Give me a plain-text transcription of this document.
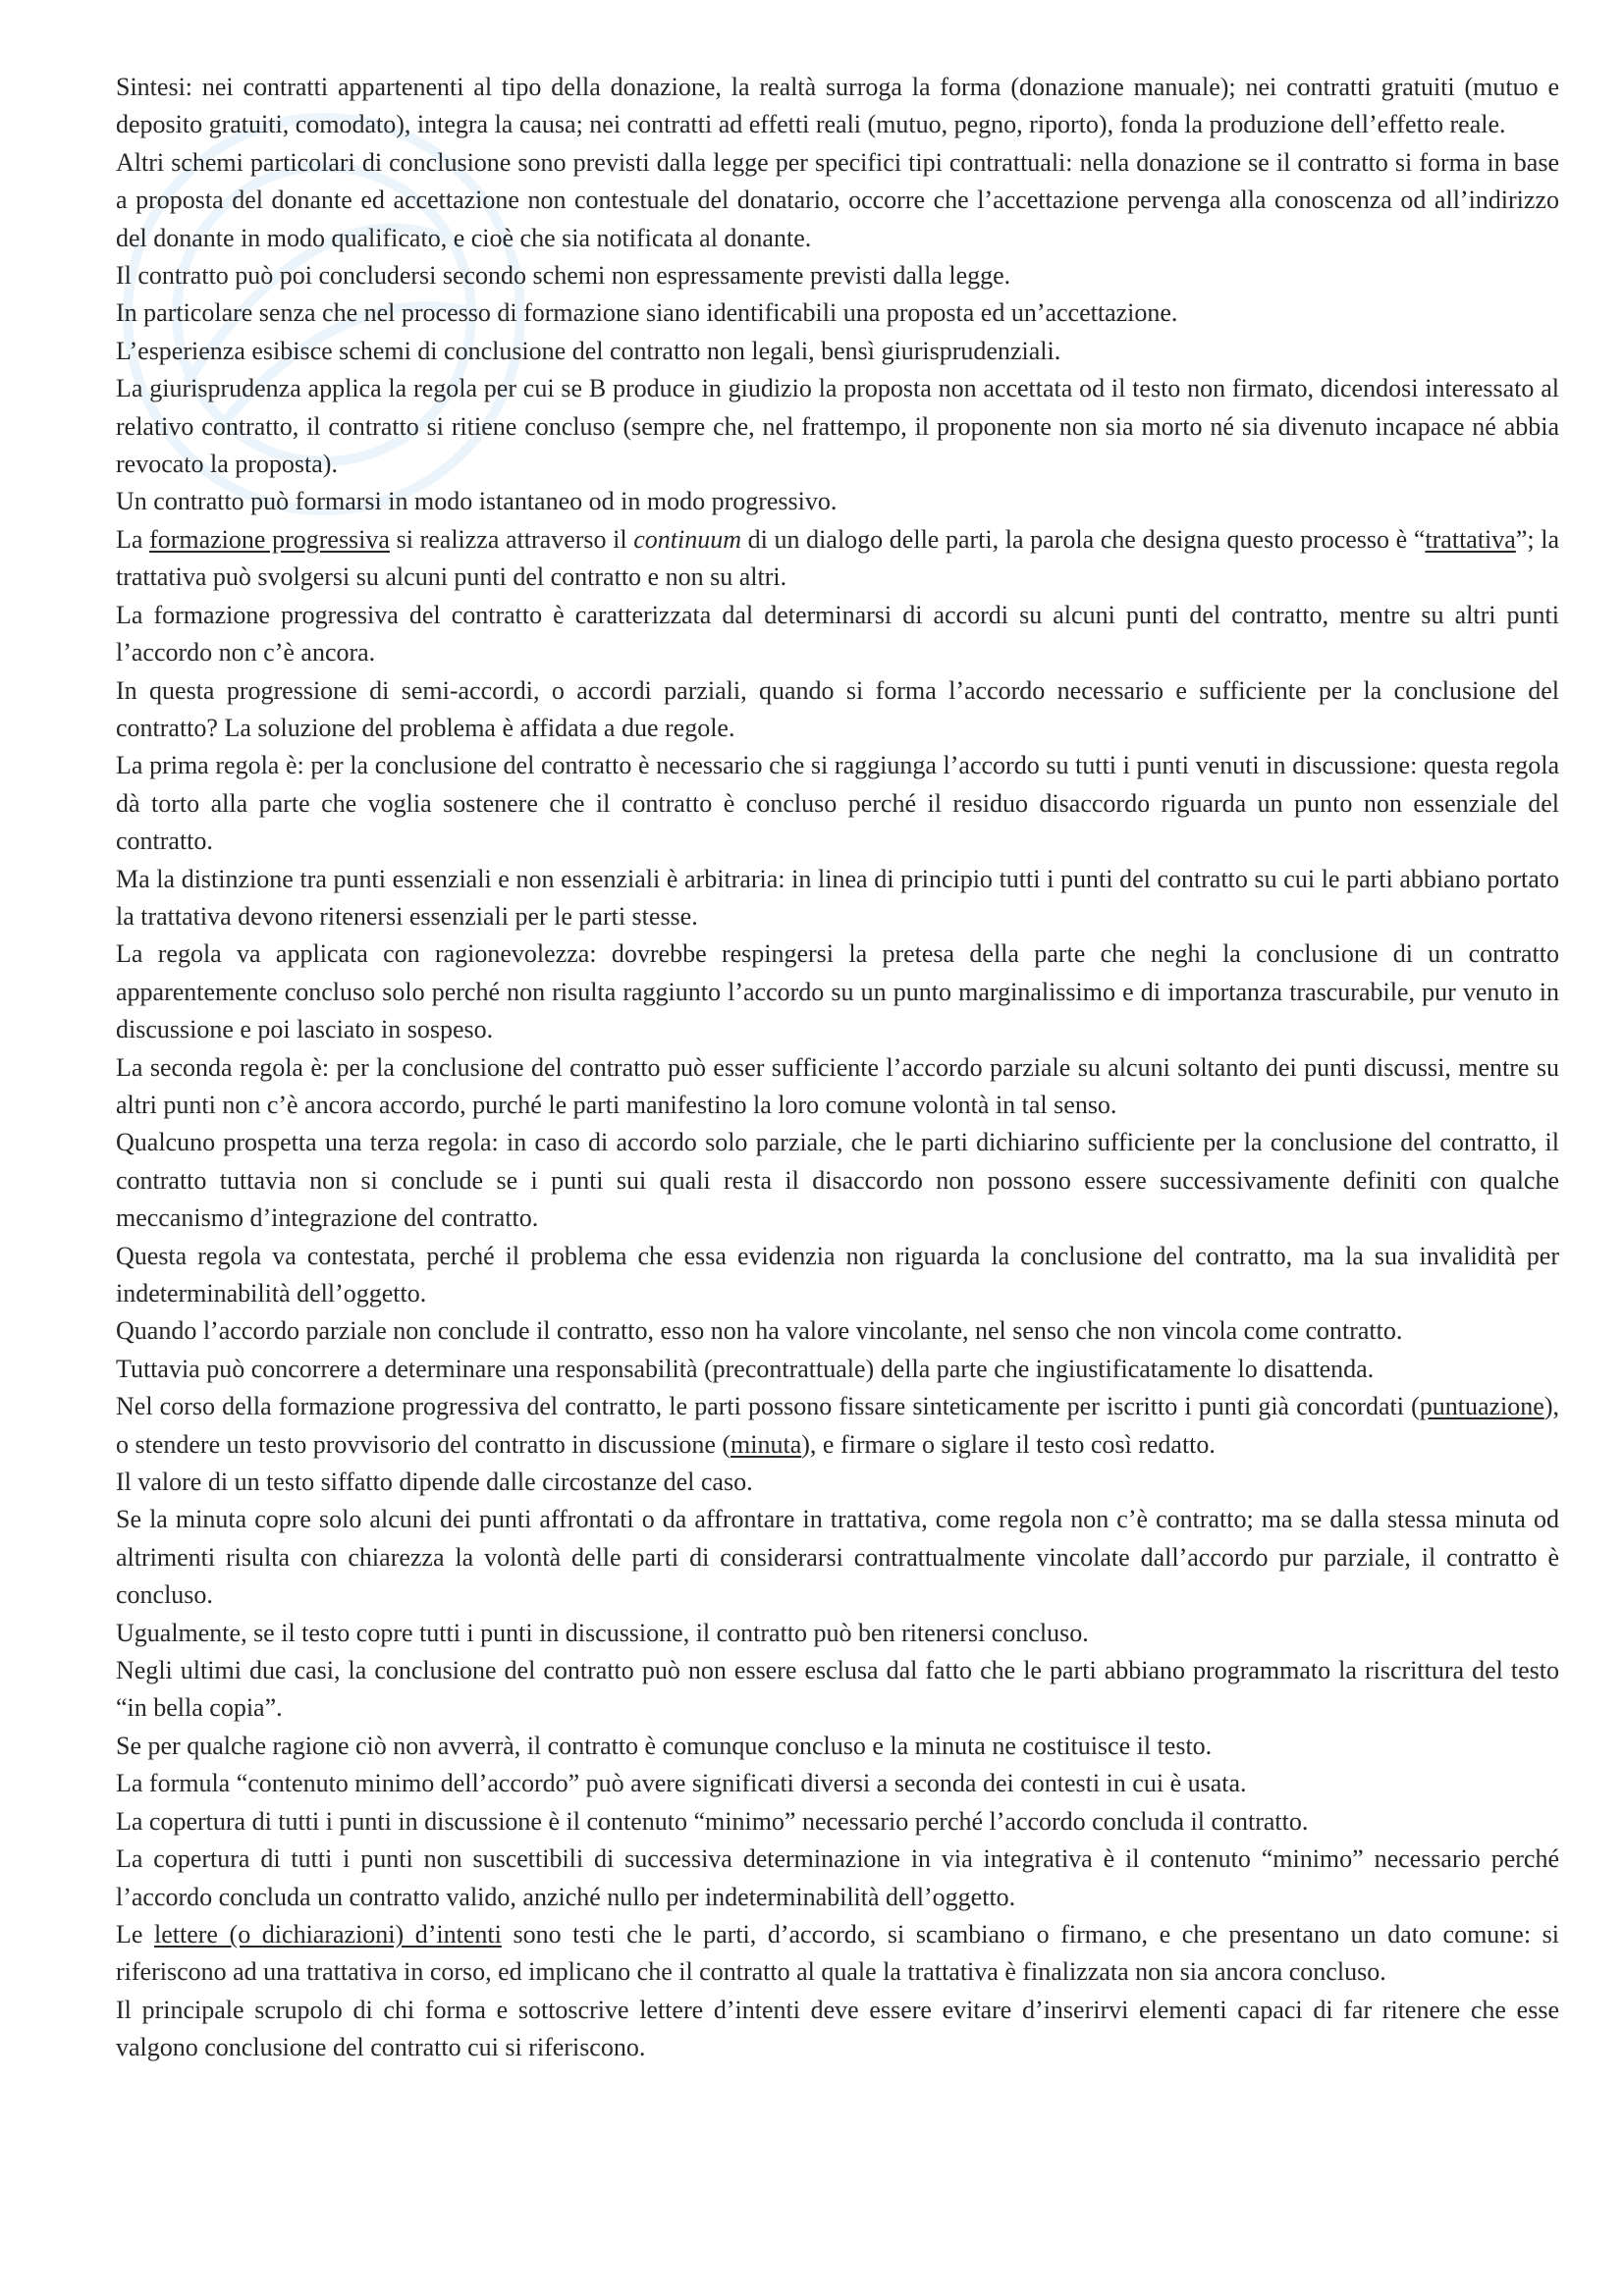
Sintesi: nei contratti appartenenti al tipo della donazione, la realtà surroga la forma (donazione manuale); nei contratti gratuiti (mutuo e deposito gratuiti, comodato), integra la causa; nei contratti ad effetti reali (mutuo, pegno, riporto), fonda la produzione dell’effetto reale.

Altri schemi particolari di conclusione sono previsti dalla legge per specifici tipi contrattuali: nella donazione se il contratto si forma in base a proposta del donante ed accettazione non contestuale del donatario, occorre che l’accettazione pervenga alla conoscenza od all’indirizzo del donante in modo qualificato, e cioè che sia notificata al donante.

Il contratto può poi concludersi secondo schemi non espressamente previsti dalla legge.

In particolare senza che nel processo di formazione siano identificabili una proposta ed un’accettazione.

L’esperienza esibisce schemi di conclusione del contratto non legali, bensì giurisprudenziali.

La giurisprudenza applica la regola per cui se B produce in giudizio la proposta non accettata od il testo non firmato, dicendosi interessato al relativo contratto, il contratto si ritiene concluso (sempre che, nel frattempo, il proponente non sia morto né sia divenuto incapace né abbia revocato la proposta).

Un contratto può formarsi in modo istantaneo od in modo progressivo.

La formazione progressiva si realizza attraverso il continuum di un dialogo delle parti, la parola che designa questo processo è “trattativa”; la trattativa può svolgersi su alcuni punti del contratto e non su altri.

La formazione progressiva del contratto è caratterizzata dal determinarsi di accordi su alcuni punti del contratto, mentre su altri punti l’accordo non c’è ancora.

In questa progressione di semi-accordi, o accordi parziali, quando si forma l’accordo necessario e sufficiente per la conclusione del contratto? La soluzione del problema è affidata a due regole.

La prima regola è: per la conclusione del contratto è necessario che si raggiunga l’accordo su tutti i punti venuti in discussione: questa regola dà torto alla parte che voglia sostenere che il contratto è concluso perché il residuo disaccordo riguarda un punto non essenziale del contratto.

Ma la distinzione tra punti essenziali e non essenziali è arbitraria: in linea di principio tutti i punti del contratto su cui le parti abbiano portato la trattativa devono ritenersi essenziali per le parti stesse.

La regola va applicata con ragionevolezza: dovrebbe respingersi la pretesa della parte che neghi la conclusione di un contratto apparentemente concluso solo perché non risulta raggiunto l’accordo su un punto marginalissimo e di importanza trascurabile, pur venuto in discussione e poi lasciato in sospeso.

La seconda regola è: per la conclusione del contratto può esser sufficiente l’accordo parziale su alcuni soltanto dei punti discussi, mentre su altri punti non c’è ancora accordo, purché le parti manifestino la loro comune volontà in tal senso.

Qualcuno prospetta una terza regola: in caso di accordo solo parziale, che le parti dichiarino sufficiente per la conclusione del contratto, il contratto tuttavia non si conclude se i punti sui quali resta il disaccordo non possono essere successivamente definiti con qualche meccanismo d’integrazione del contratto.

Questa regola va contestata, perché il problema che essa evidenzia non riguarda la conclusione del contratto, ma la sua invalidità per indeterminabilità dell’oggetto.

Quando l’accordo parziale non conclude il contratto, esso non ha valore vincolante, nel senso che non vincola come contratto.

Tuttavia può concorrere a determinare una responsabilità (precontrattuale) della parte che ingiustificatamente lo disattenda.

Nel corso della formazione progressiva del contratto, le parti possono fissare sinteticamente per iscritto i punti già concordati (puntuazione), o stendere un testo provvisorio del contratto in discussione (minuta), e firmare o siglare il testo così redatto.

Il valore di un testo siffatto dipende dalle circostanze del caso.

Se la minuta copre solo alcuni dei punti affrontati o da affrontare in trattativa, come regola non c’è contratto; ma se dalla stessa minuta od altrimenti risulta con chiarezza la volontà delle parti di considerarsi contrattualmente vincolate dall’accordo pur parziale, il contratto è concluso.

Ugualmente, se il testo copre tutti i punti in discussione, il contratto può ben ritenersi concluso.

Negli ultimi due casi, la conclusione del contratto può non essere esclusa dal fatto che le parti abbiano programmato la riscrittura del testo “in bella copia”.

Se per qualche ragione ciò non avverrà, il contratto è comunque concluso e la minuta ne costituisce il testo.

La formula “contenuto minimo dell’accordo” può avere significati diversi a seconda dei contesti in cui è usata.

La copertura di tutti i punti in discussione è il contenuto “minimo” necessario perché l’accordo concluda il contratto.

La copertura di tutti i punti non suscettibili di successiva determinazione in via integrativa è il contenuto “minimo” necessario perché l’accordo concluda un contratto valido, anziché nullo per indeterminabilità dell’oggetto.

Le lettere (o dichiarazioni) d’intenti sono testi che le parti, d’accordo, si scambiano o firmano, e che presentano un dato comune: si riferiscono ad una trattativa in corso, ed implicano che il contratto al quale la trattativa è finalizzata non sia ancora concluso.

Il principale scrupolo di chi forma e sottoscrive lettere d’intenti deve essere evitare d’inserirvi elementi capaci di far ritenere che esse valgono conclusione del contratto cui si riferiscono.
